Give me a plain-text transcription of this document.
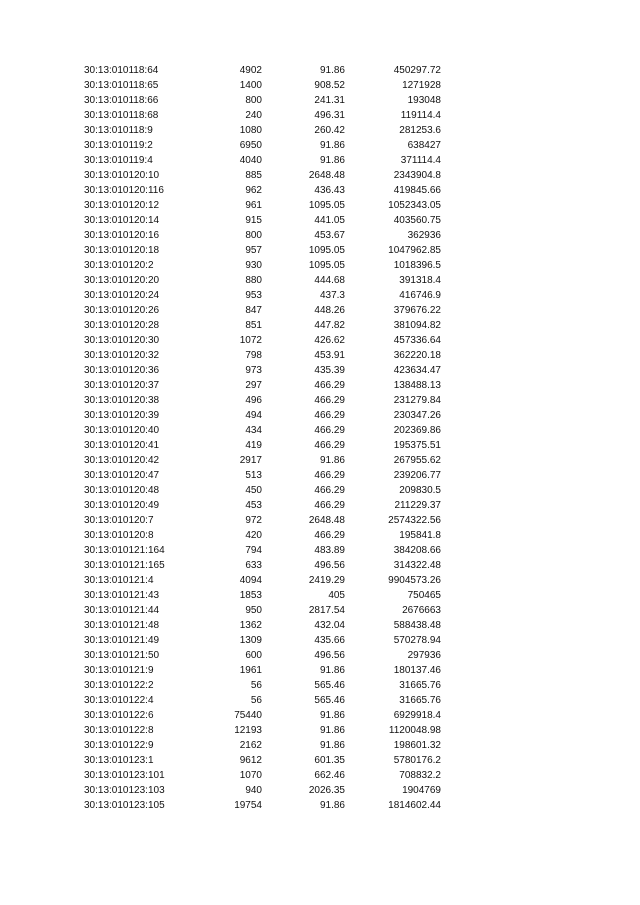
30:13:010118:64	4902	91.86	450297.72
30:13:010118:65	1400	908.52	1271928
30:13:010118:66	800	241.31	193048
30:13:010118:68	240	496.31	119114.4
30:13:010118:9	1080	260.42	281253.6
30:13:010119:2	6950	91.86	638427
30:13:010119:4	4040	91.86	371114.4
30:13:010120:10	885	2648.48	2343904.8
30:13:010120:116	962	436.43	419845.66
30:13:010120:12	961	1095.05	1052343.05
30:13:010120:14	915	441.05	403560.75
30:13:010120:16	800	453.67	362936
30:13:010120:18	957	1095.05	1047962.85
30:13:010120:2	930	1095.05	1018396.5
30:13:010120:20	880	444.68	391318.4
30:13:010120:24	953	437.3	416746.9
30:13:010120:26	847	448.26	379676.22
30:13:010120:28	851	447.82	381094.82
30:13:010120:30	1072	426.62	457336.64
30:13:010120:32	798	453.91	362220.18
30:13:010120:36	973	435.39	423634.47
30:13:010120:37	297	466.29	138488.13
30:13:010120:38	496	466.29	231279.84
30:13:010120:39	494	466.29	230347.26
30:13:010120:40	434	466.29	202369.86
30:13:010120:41	419	466.29	195375.51
30:13:010120:42	2917	91.86	267955.62
30:13:010120:47	513	466.29	239206.77
30:13:010120:48	450	466.29	209830.5
30:13:010120:49	453	466.29	211229.37
30:13:010120:7	972	2648.48	2574322.56
30:13:010120:8	420	466.29	195841.8
30:13:010121:164	794	483.89	384208.66
30:13:010121:165	633	496.56	314322.48
30:13:010121:4	4094	2419.29	9904573.26
30:13:010121:43	1853	405	750465
30:13:010121:44	950	2817.54	2676663
30:13:010121:48	1362	432.04	588438.48
30:13:010121:49	1309	435.66	570278.94
30:13:010121:50	600	496.56	297936
30:13:010121:9	1961	91.86	180137.46
30:13:010122:2	56	565.46	31665.76
30:13:010122:4	56	565.46	31665.76
30:13:010122:6	75440	91.86	6929918.4
30:13:010122:8	12193	91.86	1120048.98
30:13:010122:9	2162	91.86	198601.32
30:13:010123:1	9612	601.35	5780176.2
30:13:010123:101	1070	662.46	708832.2
30:13:010123:103	940	2026.35	1904769
30:13:010123:105	19754	91.86	1814602.44
